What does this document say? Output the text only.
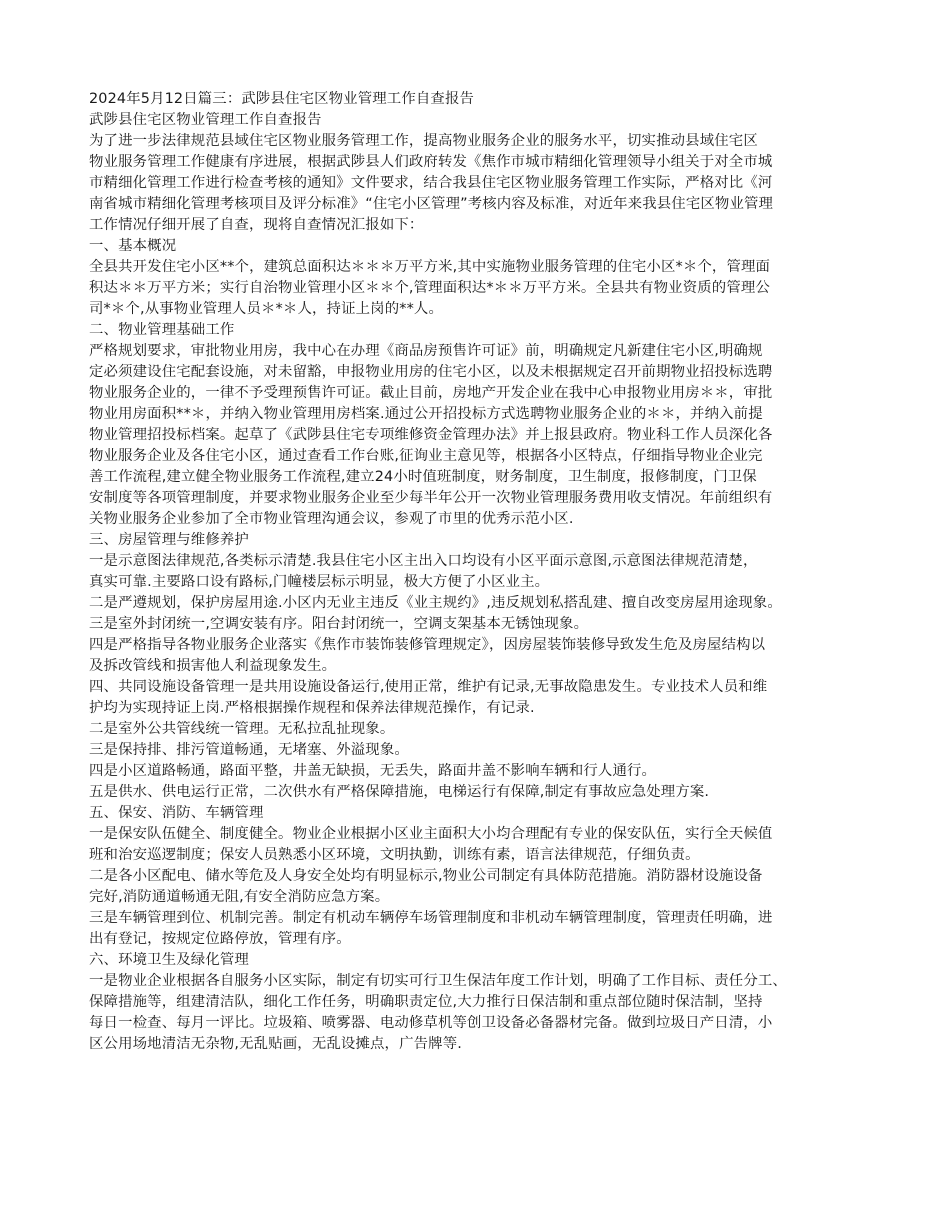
2024年5月12日篇三：武陟县住宅区物业管理工作自查报告

武陟县住宅区物业管理工作自查报告

为了进一步法律规范县域住宅区物业服务管理工作，提高物业服务企业的服务水平，切实推动县域住宅区

物业服务管理工作健康有序进展，根据武陟县人们政府转发《焦作市城市精细化管理领导小组关于对全市城

市精细化管理工作进行检查考核的通知》文件要求，结合我县住宅区物业服务管理工作实际，严格对比《河

南省城市精细化管理考核项目及评分标准》“住宅小区管理”考核内容及标准，对近年来我县住宅区物业管理

工作情况仔细开展了自查，现将自查情况汇报如下：

一、基本概况

全县共开发住宅小区**个，建筑总面积达＊＊＊万平方米,其中实施物业服务管理的住宅小区*＊个，管理面

积达＊＊万平方米；实行自治物业管理小区＊＊个,管理面积达*＊＊万平方米。全县共有物业资质的管理公

司*＊个,从事物业管理人员＊*＊人，持证上岗的**人。

二、物业管理基础工作

严格规划要求，审批物业用房，我中心在办理《商品房预售许可证》前，明确规定凡新建住宅小区,明确规

定必须建设住宅配套设施，对未留豁，申报物业用房的住宅小区，以及未根据规定召开前期物业招投标选聘

物业服务企业的，一律不予受理预售许可证。截止目前，房地产开发企业在我中心申报物业用房＊＊，审批

物业用房面积**＊，并纳入物业管理用房档案.通过公开招投标方式选聘物业服务企业的＊＊，并纳入前提

物业管理招投标档案。起草了《武陟县住宅专项维修资金管理办法》并上报县政府。物业科工作人员深化各

物业服务企业及各住宅小区，通过查看工作台账,征询业主意见等，根据各小区特点，仔细指导物业企业完

善工作流程,建立健全物业服务工作流程,建立24小时值班制度，财务制度，卫生制度，报修制度，门卫保

安制度等各项管理制度，并要求物业服务企业至少每半年公开一次物业管理服务费用收支情况。年前组织有

关物业服务企业参加了全市物业管理沟通会议，参观了市里的优秀示范小区.

三、房屋管理与维修养护

一是示意图法律规范,各类标示清楚.我县住宅小区主出入口均设有小区平面示意图,示意图法律规范清楚，

真实可靠.主要路口设有路标,门幢楼层标示明显，极大方便了小区业主。

二是严遵规划，保护房屋用途.小区内无业主违反《业主规约》,违反规划私搭乱建、擅自改变房屋用途现象。

三是室外封闭统一,空调安装有序。阳台封闭统一，空调支架基本无锈蚀现象。

四是严格指导各物业服务企业落实《焦作市装饰装修管理规定》，因房屋装饰装修导致发生危及房屋结构以

及拆改管线和损害他人利益现象发生。

四、共同设施设备管理一是共用设施设备运行,使用正常，维护有记录,无事故隐患发生。专业技术人员和维

护均为实现持证上岗.严格根据操作规程和保养法律规范操作，有记录.

二是室外公共管线统一管理。无私拉乱扯现象。

三是保持排、排污管道畅通，无堵塞、外溢现象。

四是小区道路畅通，路面平整，井盖无缺损，无丢失，路面井盖不影响车辆和行人通行。

五是供水、供电运行正常，二次供水有严格保障措施，电梯运行有保障,制定有事故应急处理方案.

五、保安、消防、车辆管理

一是保安队伍健全、制度健全。物业企业根据小区业主面积大小均合理配有专业的保安队伍，实行全天候值

班和治安巡逻制度；保安人员熟悉小区环境，文明执勤，训练有素，语言法律规范，仔细负责。

二是各小区配电、储水等危及人身安全处均有明显标示,物业公司制定有具体防范措施。消防器材设施设备

完好,消防通道畅通无阻,有安全消防应急方案。

三是车辆管理到位、机制完善。制定有机动车辆停车场管理制度和非机动车辆管理制度，管理责任明确，进

出有登记，按规定位路停放，管理有序。

六、环境卫生及绿化管理

一是物业企业根据各自服务小区实际，制定有切实可行卫生保洁年度工作计划，明确了工作目标、责任分工、

保障措施等，组建清洁队，细化工作任务，明确职责定位,大力推行日保洁制和重点部位随时保洁制，坚持

每日一检查、每月一评比。垃圾箱、喷雾器、电动修草机等创卫设备必备器材完备。做到垃圾日产日清，小

区公用场地清洁无杂物,无乱贴画，无乱设摊点，广告牌等.
